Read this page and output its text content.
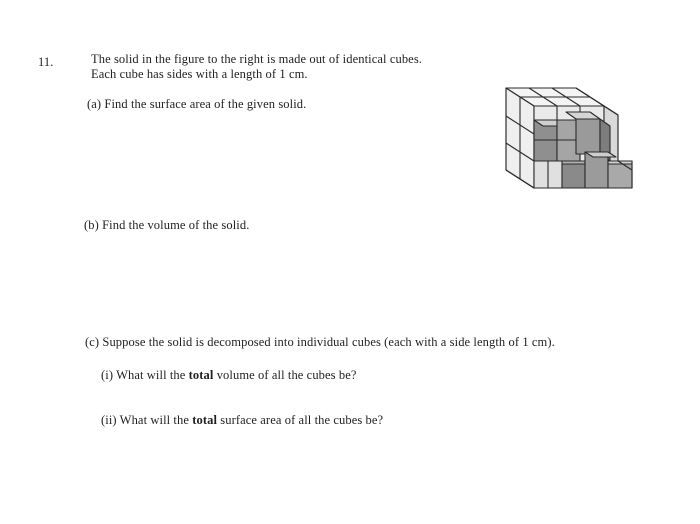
11.	The solid in the figure to the right is made out of identical cubes.
Each cube has sides with a length of 1 cm.
(a) Find the surface area of the given solid.
(b) Find the volume of the solid.
(c) Suppose the solid is decomposed into individual cubes (each with a side length of 1 cm).
(i) What will the total volume of all the cubes be?
(ii) What will the total surface area of all the cubes be?
